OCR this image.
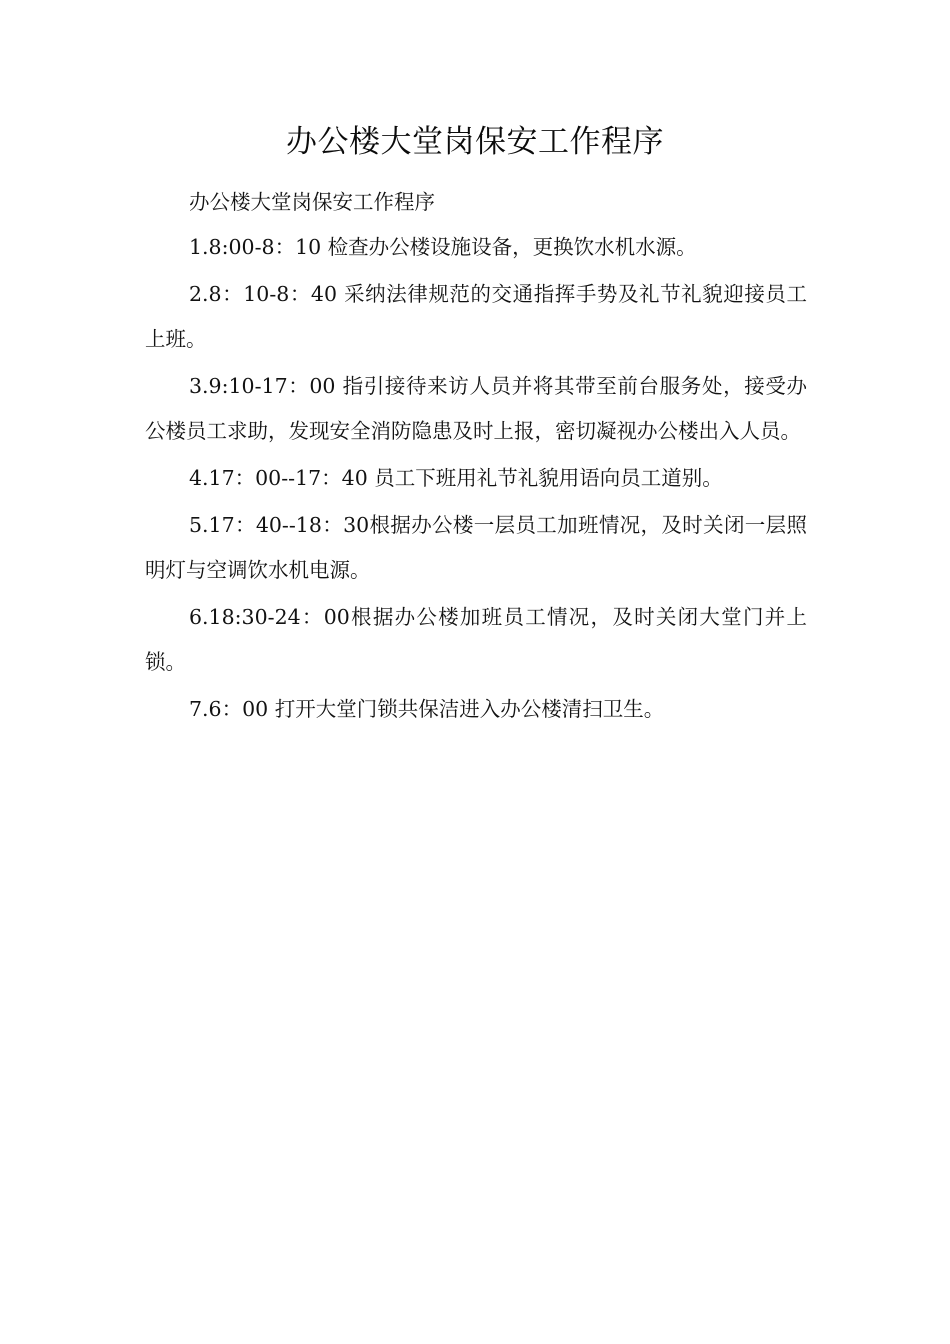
办公楼大堂岗保安工作程序

办公楼大堂岗保安工作程序

1.8:00-8：10 检查办公楼设施设备，更换饮水机水源。

2.8：10-8：40 采纳法律规范的交通指挥手势及礼节礼貌迎接员工上班。

3.9:10-17：00 指引接待来访人员并将其带至前台服务处，接受办公楼员工求助，发现安全消防隐患及时上报，密切凝视办公楼出入人员。

4.17：00--17：40 员工下班用礼节礼貌用语向员工道别。

5.17：40--18：30根据办公楼一层员工加班情况，及时关闭一层照明灯与空调饮水机电源。

6.18:30-24：00根据办公楼加班员工情况，及时关闭大堂门并上锁。

7.6：00 打开大堂门锁共保洁进入办公楼清扫卫生。
